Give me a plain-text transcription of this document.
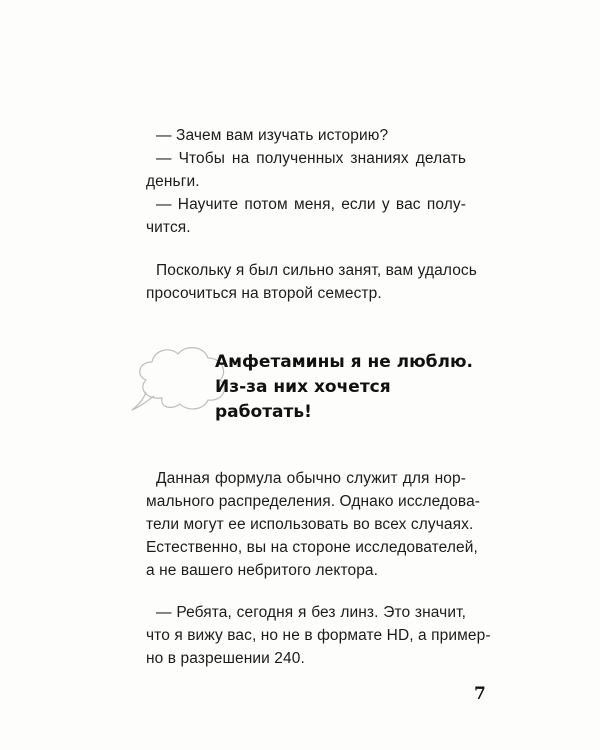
— Зачем вам изучать историю?
— Чтобы на полученных знаниях делать
деньги.
— Научите потом меня, если у вас полу-
чится.
Поскольку я был сильно занят, вам удалось
просочиться на второй семестр.
Амфетамины я не люблю.
Из-за них хочется
работать!
Данная формула обычно служит для нор-
мального распределения. Однако исследова-
тели могут ее использовать во всех случаях.
Естественно, вы на стороне исследователей,
а не вашего небритого лектора.
— Ребята, сегодня я без линз. Это значит,
что я вижу вас, но не в формате HD, а пример-
но в разрешении 240.
7
